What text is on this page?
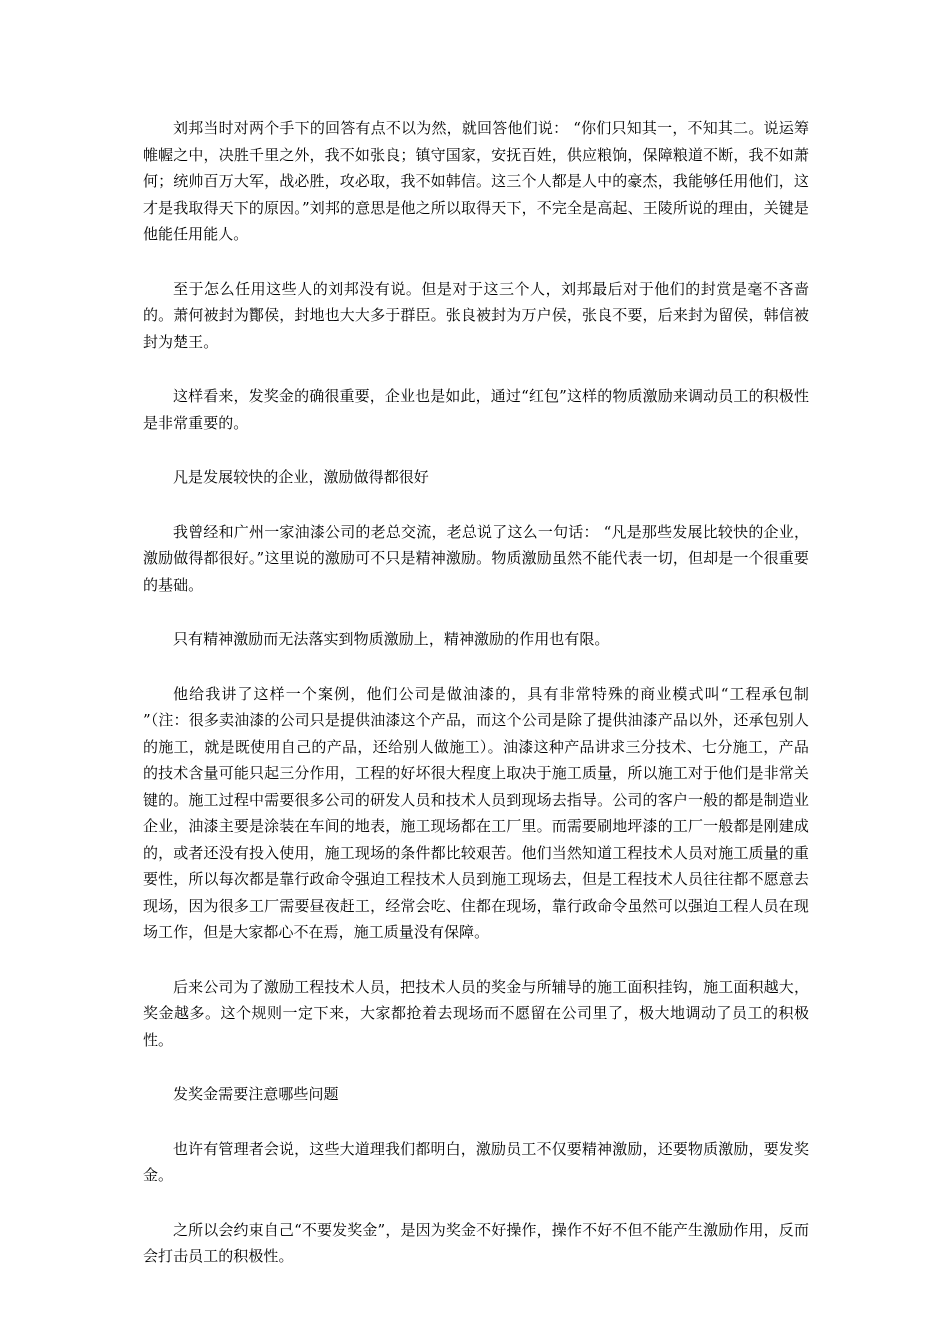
刘邦当时对两个手下的回答有点不以为然，就回答他们说： “你们只知其一，不知其二。说运筹帷幄之中，决胜千里之外，我不如张良；镇守国家，安抚百姓，供应粮饷，保障粮道不断，我不如萧何；统帅百万大军，战必胜，攻必取，我不如韩信。这三个人都是人中的豪杰，我能够任用他们，这才是我取得天下的原因。”刘邦的意思是他之所以取得天下，不完全是高起、王陵所说的理由，关键是他能任用能人。

至于怎么任用这些人的刘邦没有说。但是对于这三个人，刘邦最后对于他们的封赏是毫不吝啬的。萧何被封为酇侯，封地也大大多于群臣。张良被封为万户侯，张良不要，后来封为留侯，韩信被封为楚王。

这样看来，发奖金的确很重要，企业也是如此，通过“红包”这样的物质激励来调动员工的积极性是非常重要的。

凡是发展较快的企业，激励做得都很好

我曾经和广州一家油漆公司的老总交流，老总说了这么一句话： “凡是那些发展比较快的企业，激励做得都很好。”这里说的激励可不只是精神激励。物质激励虽然不能代表一切，但却是一个很重要的基础。

只有精神激励而无法落实到物质激励上，精神激励的作用也有限。

他给我讲了这样一个案例，他们公司是做油漆的，具有非常特殊的商业模式叫“工程承包制 ”（注：很多卖油漆的公司只是提供油漆这个产品，而这个公司是除了提供油漆产品以外，还承包别人的施工，就是既使用自己的产品，还给别人做施工）。油漆这种产品讲求三分技术、七分施工，产品的技术含量可能只起三分作用，工程的好坏很大程度上取决于施工质量，所以施工对于他们是非常关键的。施工过程中需要很多公司的研发人员和技术人员到现场去指导。公司的客户一般的都是制造业企业，油漆主要是涂装在车间的地表，施工现场都在工厂里。而需要刷地坪漆的工厂一般都是刚建成的，或者还没有投入使用，施工现场的条件都比较艰苦。他们当然知道工程技术人员对施工质量的重要性，所以每次都是靠行政命令强迫工程技术人员到施工现场去，但是工程技术人员往往都不愿意去现场，因为很多工厂需要昼夜赶工，经常会吃、住都在现场，靠行政命令虽然可以强迫工程人员在现场工作，但是大家都心不在焉，施工质量没有保障。

后来公司为了激励工程技术人员，把技术人员的奖金与所辅导的施工面积挂钩，施工面积越大，奖金越多。这个规则一定下来，大家都抢着去现场而不愿留在公司里了，极大地调动了员工的积极性。

发奖金需要注意哪些问题

也许有管理者会说，这些大道理我们都明白，激励员工不仅要精神激励，还要物质激励，要发奖金。

之所以会约束自己“不要发奖金”，是因为奖金不好操作，操作不好不但不能产生激励作用，反而会打击员工的积极性。
